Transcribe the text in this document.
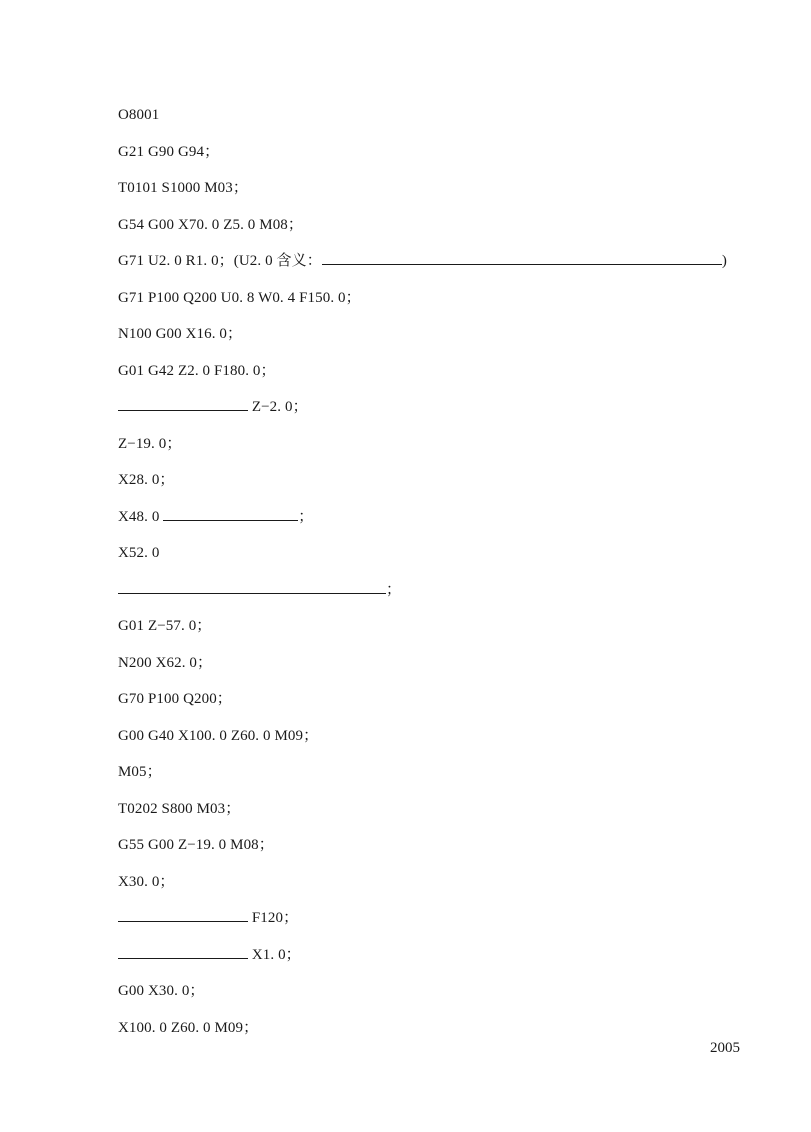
O8001
G21 G90 G94；
T0101 S1000 M03；
G54 G00 X70. 0 Z5. 0 M08；
G71 U2. 0 R1. 0；(U2. 0 含义：	)
G71 P100 Q200 U0. 8 W0. 4 F150. 0；
N100 G00 X16. 0；
G01 G42 Z2. 0 F180. 0；
Z−2. 0；
Z−19. 0；
X28. 0；
X48. 0	；
X52. 0
；
G01 Z−57. 0；
N200 X62. 0；
G70 P100 Q200；
G00 G40 X100. 0 Z60. 0 M09；
M05；
T0202 S800 M03；
G55 G00 Z−19. 0 M08；
X30. 0；
F120；
X1. 0；
G00 X30. 0；
X100. 0 Z60. 0 M09；
2005
